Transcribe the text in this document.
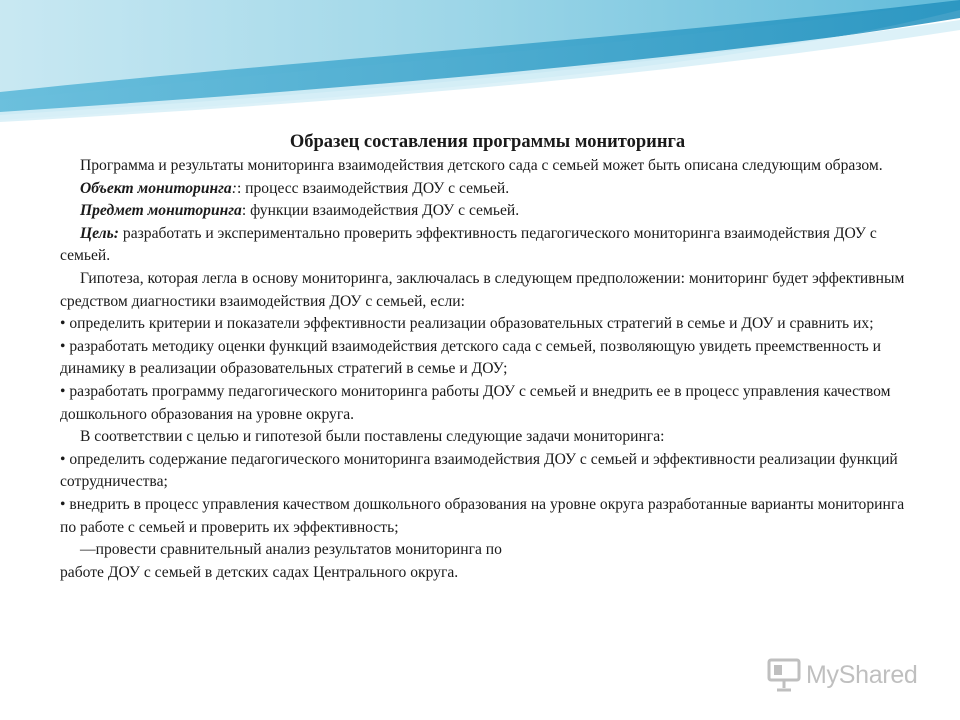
Образец составления программы мониторинга

Программа и результаты мониторинга взаимодействия детского сада с семьей может быть описана следующим образом.

Объект мониторинга:: процесс взаимодействия ДОУ с семьей.

Предмет мониторинга: функции взаимодействия ДОУ с семьей.

Цель: разработать и экспериментально проверить эффективность педагогического мониторинга взаимодействия ДОУ с семьей.

Гипотеза, которая легла в основу мониторинга, заключалась в следующем предположении: мониторинг будет эффективным средством диагностики взаимодействия ДОУ с семьей, если:

• определить критерии и показатели эффективности реализации образовательных стратегий в семье и ДОУ и сравнить их;

• разработать методику оценки функций взаимодействия детского сада с семьей, позволяющую увидеть преемственность и динамику в реализации образовательных стратегий в семье и ДОУ;

• разработать программу педагогического мониторинга работы ДОУ с семьей и внедрить ее в процесс управления качеством дошкольного образования на уровне округа.

В соответствии с целью и гипотезой были поставлены следующие задачи мониторинга:

• определить содержание педагогического мониторинга взаимодействия ДОУ с семьей и эффективности реализации функций сотрудничества;

• внедрить в процесс управления качеством дошкольного образования на уровне округа разработанные варианты мониторинга по работе с семьей и проверить их эффективность;

—провести сравнительный анализ результатов мониторинга по

работе ДОУ с семьей в детских садах Центрального округа.

MyShared
